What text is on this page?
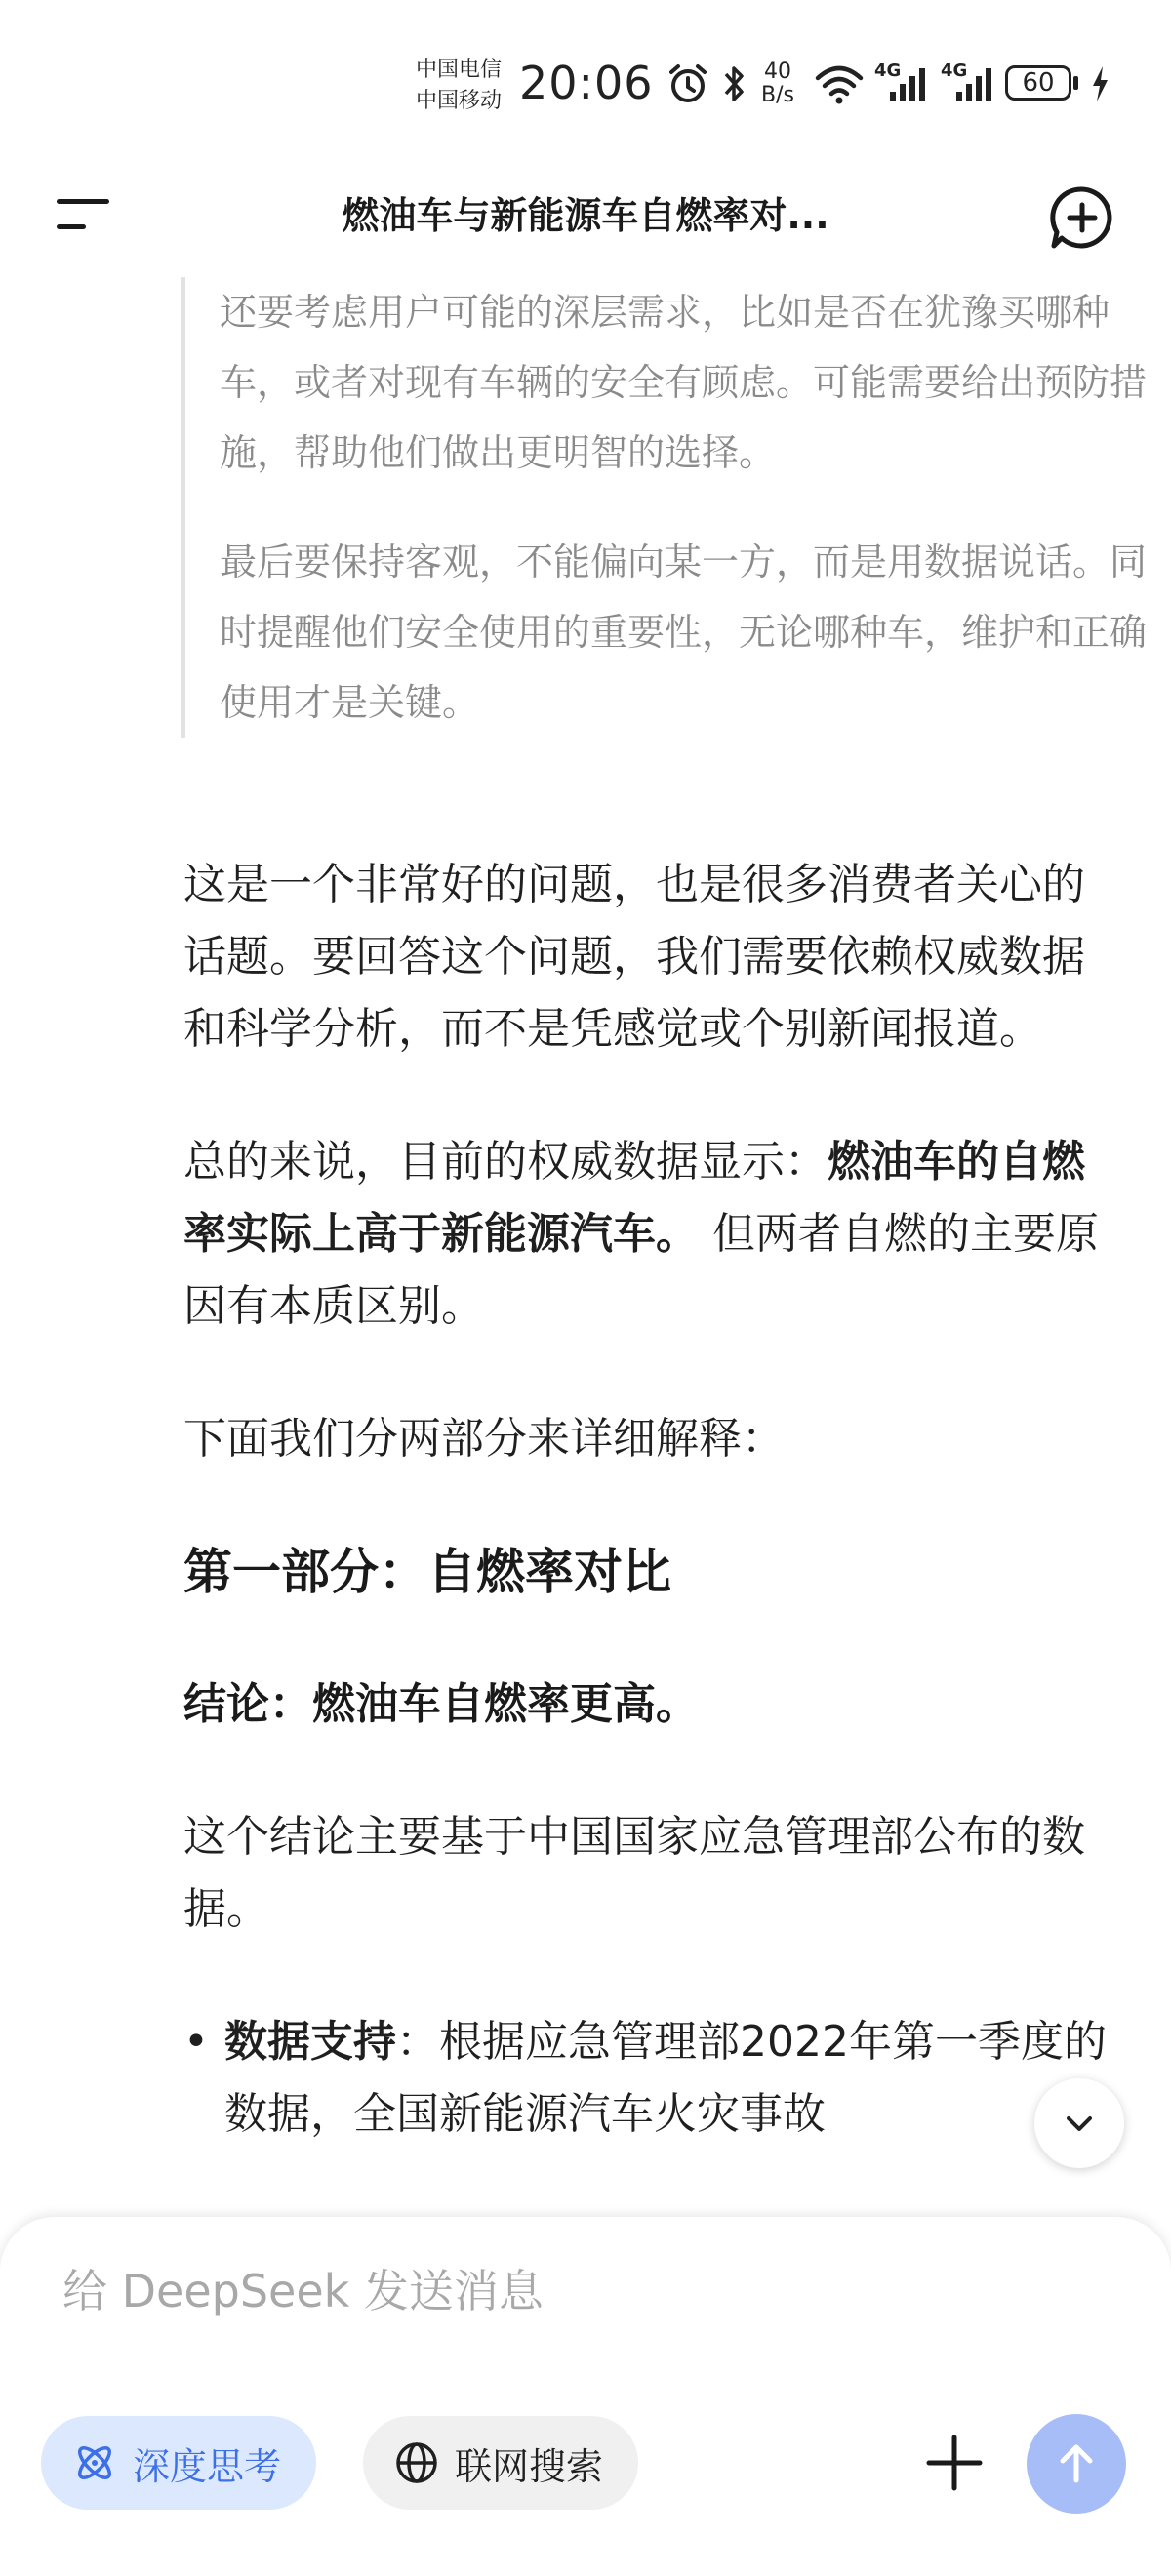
中国电信
中国移动 20:06	40
B/s
4G 4G	60
燃油车与新能源车自燃率对...

还要考虑用户可能的深层需求，比如是否在犹豫买哪种车，或者对现有车辆的安全有顾虑。可能需要给出预防措施，帮助他们做出更明智的选择。

最后要保持客观，不能偏向某一方，而是用数据说话。同时提醒他们安全使用的重要性，无论哪种车，维护和正确使用才是关键。

这是一个非常好的问题，也是很多消费者关心的话题。要回答这个问题，我们需要依赖权威数据和科学分析，而不是凭感觉或个别新闻报道。

总的来说，目前的权威数据显示：燃油车的自燃率实际上高于新能源汽车。 但两者自燃的主要原因有本质区别。

下面我们分两部分来详细解释：

第一部分：自燃率对比
结论：燃油车自燃率更高。

这个结论主要基于中国国家应急管理部公布的数据。

• 数据支持：根据应急管理部2022年第一季度的数据，全国新能源汽车火灾事故
给 DeepSeek 发送消息
深度思考	联网搜索
